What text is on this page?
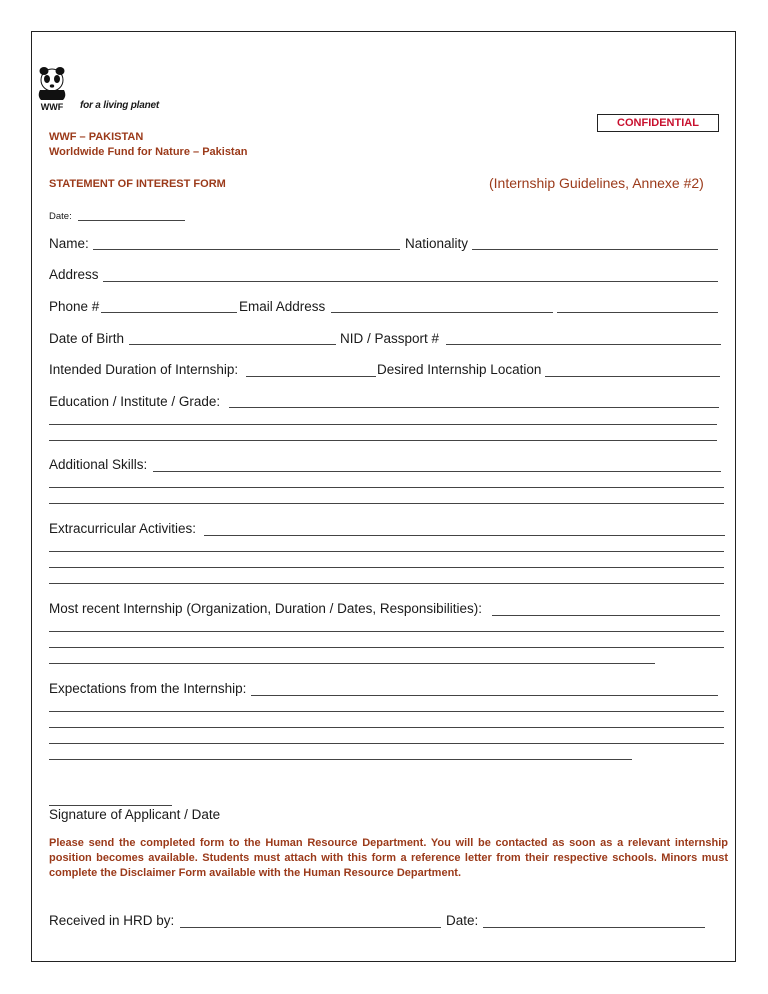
WWF for a living planet
CONFIDENTIAL
WWF – PAKISTAN
Worldwide Fund for Nature – Pakistan
STATEMENT OF INTEREST FORM	(Internship Guidelines, Annexe #2)
Date:
Name:	Nationality
Address
Phone #	Email Address
Date of Birth	NID / Passport #
Intended Duration of Internship:	Desired Internship Location
Education / Institute / Grade:
Additional Skills:
Extracurricular Activities:
Most recent Internship (Organization, Duration / Dates, Responsibilities):
Expectations from the Internship:
Signature of Applicant / Date
Please send the completed form to the Human Resource Department. You will be contacted as soon as a relevant internship position becomes available. Students must attach with this form a reference letter from their respective schools. Minors must complete the Disclaimer Form available with the Human Resource Department.
Received in HRD by:	Date:
